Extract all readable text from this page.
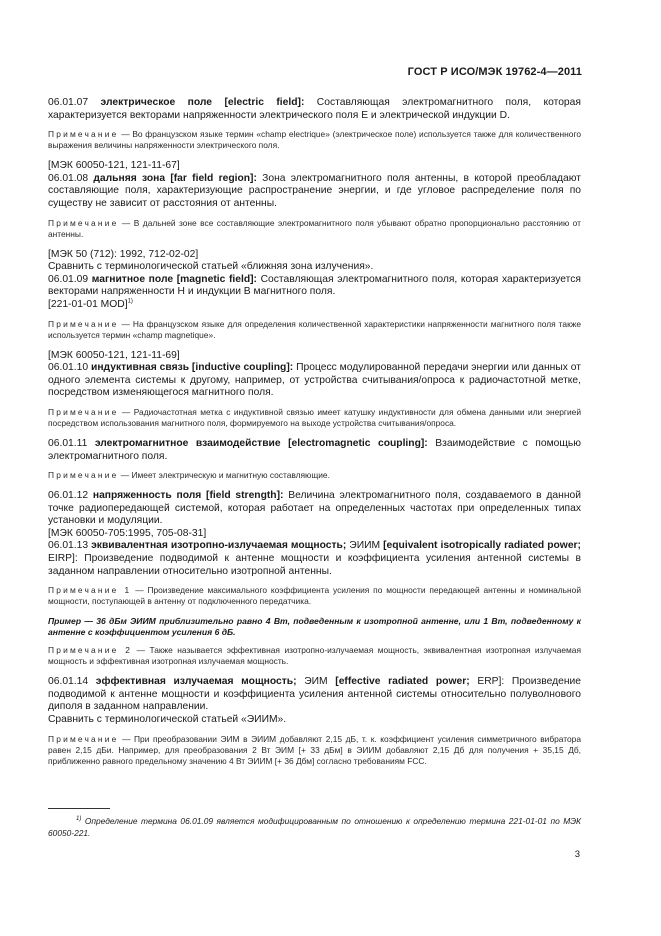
ГОСТ Р ИСО/МЭК 19762-4—2011

06.01.07 электрическое поле [electric field]: Составляющая электромагнитного поля, которая характеризуется векторами напряженности электрического поля E и электрической индукции D.

Примечание — Во французском языке термин «champ electrique» (электрическое поле) используется также для количественного выражения величины напряженности электрического поля.

[МЭК 60050-121, 121-11-67]

06.01.08 дальняя зона [far field region]: Зона электромагнитного поля антенны, в которой преобладают составляющие поля, характеризующие распространение энергии, и где угловое распределение поля по существу не зависит от расстояния от антенны.

Примечание — В дальней зоне все составляющие электромагнитного поля убывают обратно пропорционально расстоянию от антенны.

[МЭК 50 (712): 1992, 712-02-02]

Сравнить с терминологической статьей «ближняя зона излучения».

06.01.09 магнитное поле [magnetic field]: Составляющая электромагнитного поля, которая характеризуется векторами напряженности H и индукции B магнитного поля.

[221-01-01 MOD]$^{1)}$

Примечание — На французском языке для определения количественной характеристики напряженности магнитного поля также используется термин «champ magnetique».

[МЭК 60050-121, 121-11-69]

06.01.10 индуктивная связь [inductive coupling]: Процесс модулированной передачи энергии или данных от одного элемента системы к другому, например, от устройства считывания/опроса к радиочастотной метке, посредством изменяющегося магнитного поля.

Примечание — Радиочастотная метка с индуктивной связью имеет катушку индуктивности для обмена данными или энергией посредством использования магнитного поля, формируемого на выходе устройства считывания/опроса.

06.01.11 электромагнитное взаимодействие [electromagnetic coupling]: Взаимодействие с помощью электромагнитного поля.

Примечание — Имеет электрическую и магнитную составляющие.

06.01.12 напряженность поля [field strength]: Величина электромагнитного поля, создаваемого в данной точке радиопередающей системой, которая работает на определенных частотах при определенных типах установки и модуляции.

[МЭК 60050-705:1995, 705-08-31]

06.01.13 эквивалентная изотропно-излучаемая мощность; ЭИИМ [equivalent isotropically radiated power; EIRP]: Произведение подводимой к антенне мощности и коэффициента усиления антенной системы в заданном направлении относительно изотропной антенны.

Примечание 1 — Произведение максимального коэффициента усиления по мощности передающей антенны и номинальной мощности, поступающей в антенну от подключенного передатчика.

Пример — 36 дБм ЭИИМ приблизительно равно 4 Вт, подведенным к изотропной антенне, или 1 Вт, подведенному к антенне с коэффициентом усиления 6 дБ.

Примечание 2 — Также называется эффективная изотропно-излучаемая мощность, эквивалентная изотропная излучаемая мощность и эффективная изотропная излучаемая мощность.

06.01.14 эффективная излучаемая мощность; ЭИМ [effective radiated power; ERP]: Произведение подводимой к антенне мощности и коэффициента усиления антенной системы относительно полуволнового диполя в заданном направлении.

Сравнить с терминологической статьей «ЭИИМ».

Примечание — При преобразовании ЭИМ в ЭИИМ добавляют 2,15 дБ, т. к. коэффициент усиления симметричного вибратора равен 2,15 дБи. Например, для преобразования 2 Вт ЭИМ [+ 33 дБм] в ЭИИМ добавляют 2,15 Дб для получения + 35,15 Дб, приближенно равного предельному значению 4 Вт ЭИИМ [+ 36 Дбм] согласно требованиям FCC.

$^{1)}$ Определение термина 06.01.09 является модифицированным по отношению к определению термина 221-01-01 по МЭК 60050-221.
3
